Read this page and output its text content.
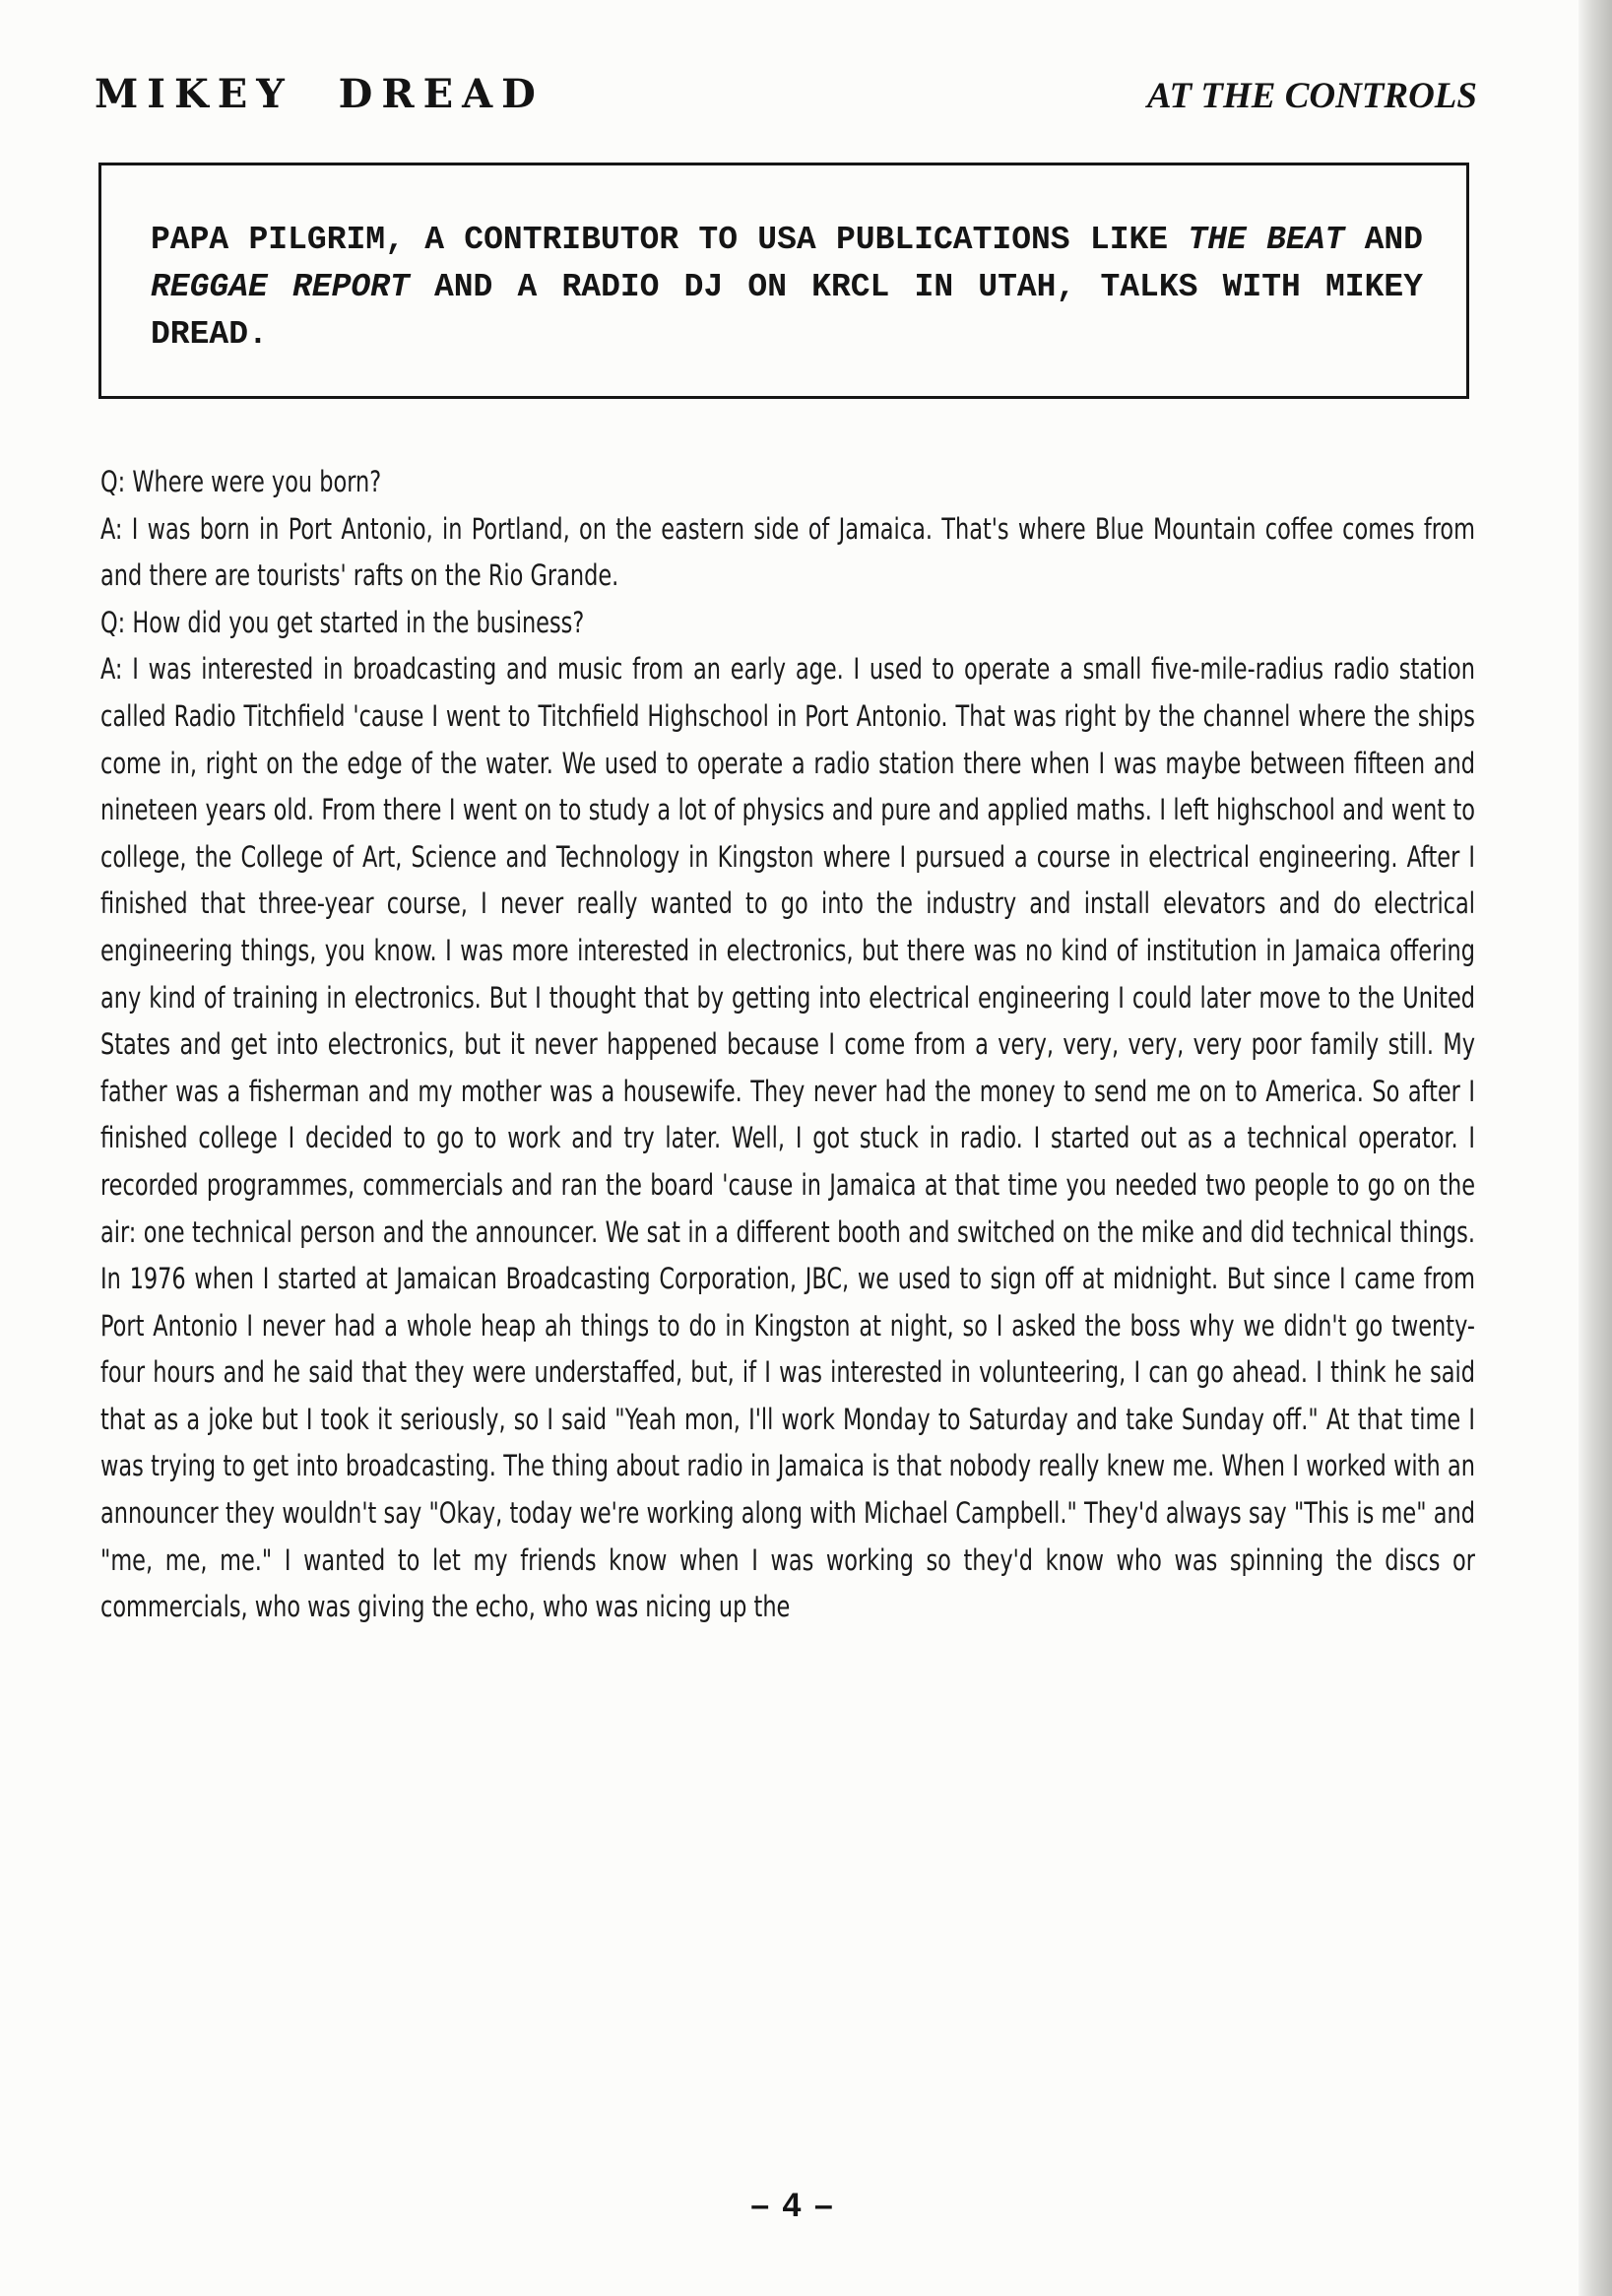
MIKEY  DREAD	AT THE CONTROLS

PAPA PILGRIM, A CONTRIBUTOR TO USA PUBLICATIONS LIKE THE BEAT AND REGGAE REPORT AND A RADIO DJ ON KRCL IN UTAH, TALKS WITH MIKEY DREAD.

Q: Where were you born?

A: I was born in Port Antonio, in Portland, on the eastern side of Jamaica. That's where Blue Mountain coffee comes from and there are tourists' rafts on the Rio Grande.

Q: How did you get started in the business?

A: I was interested in broadcasting and music from an early age. I used to operate a small five-mile-radius radio station called Radio Titchfield 'cause I went to Titchfield Highschool in Port Antonio. That was right by the channel where the ships come in, right on the edge of the water. We used to operate a radio station there when I was maybe between fifteen and nineteen years old. From there I went on to study a lot of physics and pure and applied maths. I left highschool and went to college, the College of Art, Science and Technology in Kingston where I pursued a course in electrical engineering. After I finished that three-year course, I never really wanted to go into the industry and install elevators and do electrical engineering things, you know. I was more interested in electronics, but there was no kind of institution in Jamaica offering any kind of training in electronics. But I thought that by getting into electrical engineering I could later move to the United States and get into electronics, but it never happened because I come from a very, very, very, very poor family still. My father was a fisherman and my mother was a housewife. They never had the money to send me on to America. So after I finished college I decided to go to work and try later. Well, I got stuck in radio. I started out as a technical operator. I recorded programmes, commercials and ran the board 'cause in Jamaica at that time you needed two people to go on the air: one technical person and the announcer. We sat in a different booth and switched on the mike and did technical things. In 1976 when I started at Jamaican Broadcasting Corporation, JBC, we used to sign off at midnight. But since I came from Port Antonio I never had a whole heap ah things to do in Kingston at night, so I asked the boss why we didn't go twenty-four hours and he said that they were understaffed, but, if I was interested in volunteering, I can go ahead. I think he said that as a joke but I took it seriously, so I said "Yeah mon, I'll work Monday to Saturday and take Sunday off." At that time I was trying to get into broadcasting. The thing about radio in Jamaica is that nobody really knew me. When I worked with an announcer they wouldn't say "Okay, today we're working along with Michael Campbell." They'd always say "This is me" and "me, me, me." I wanted to let my friends know when I was working so they'd know who was spinning the discs or commercials, who was giving the echo, who was nicing up the

– 4 –
